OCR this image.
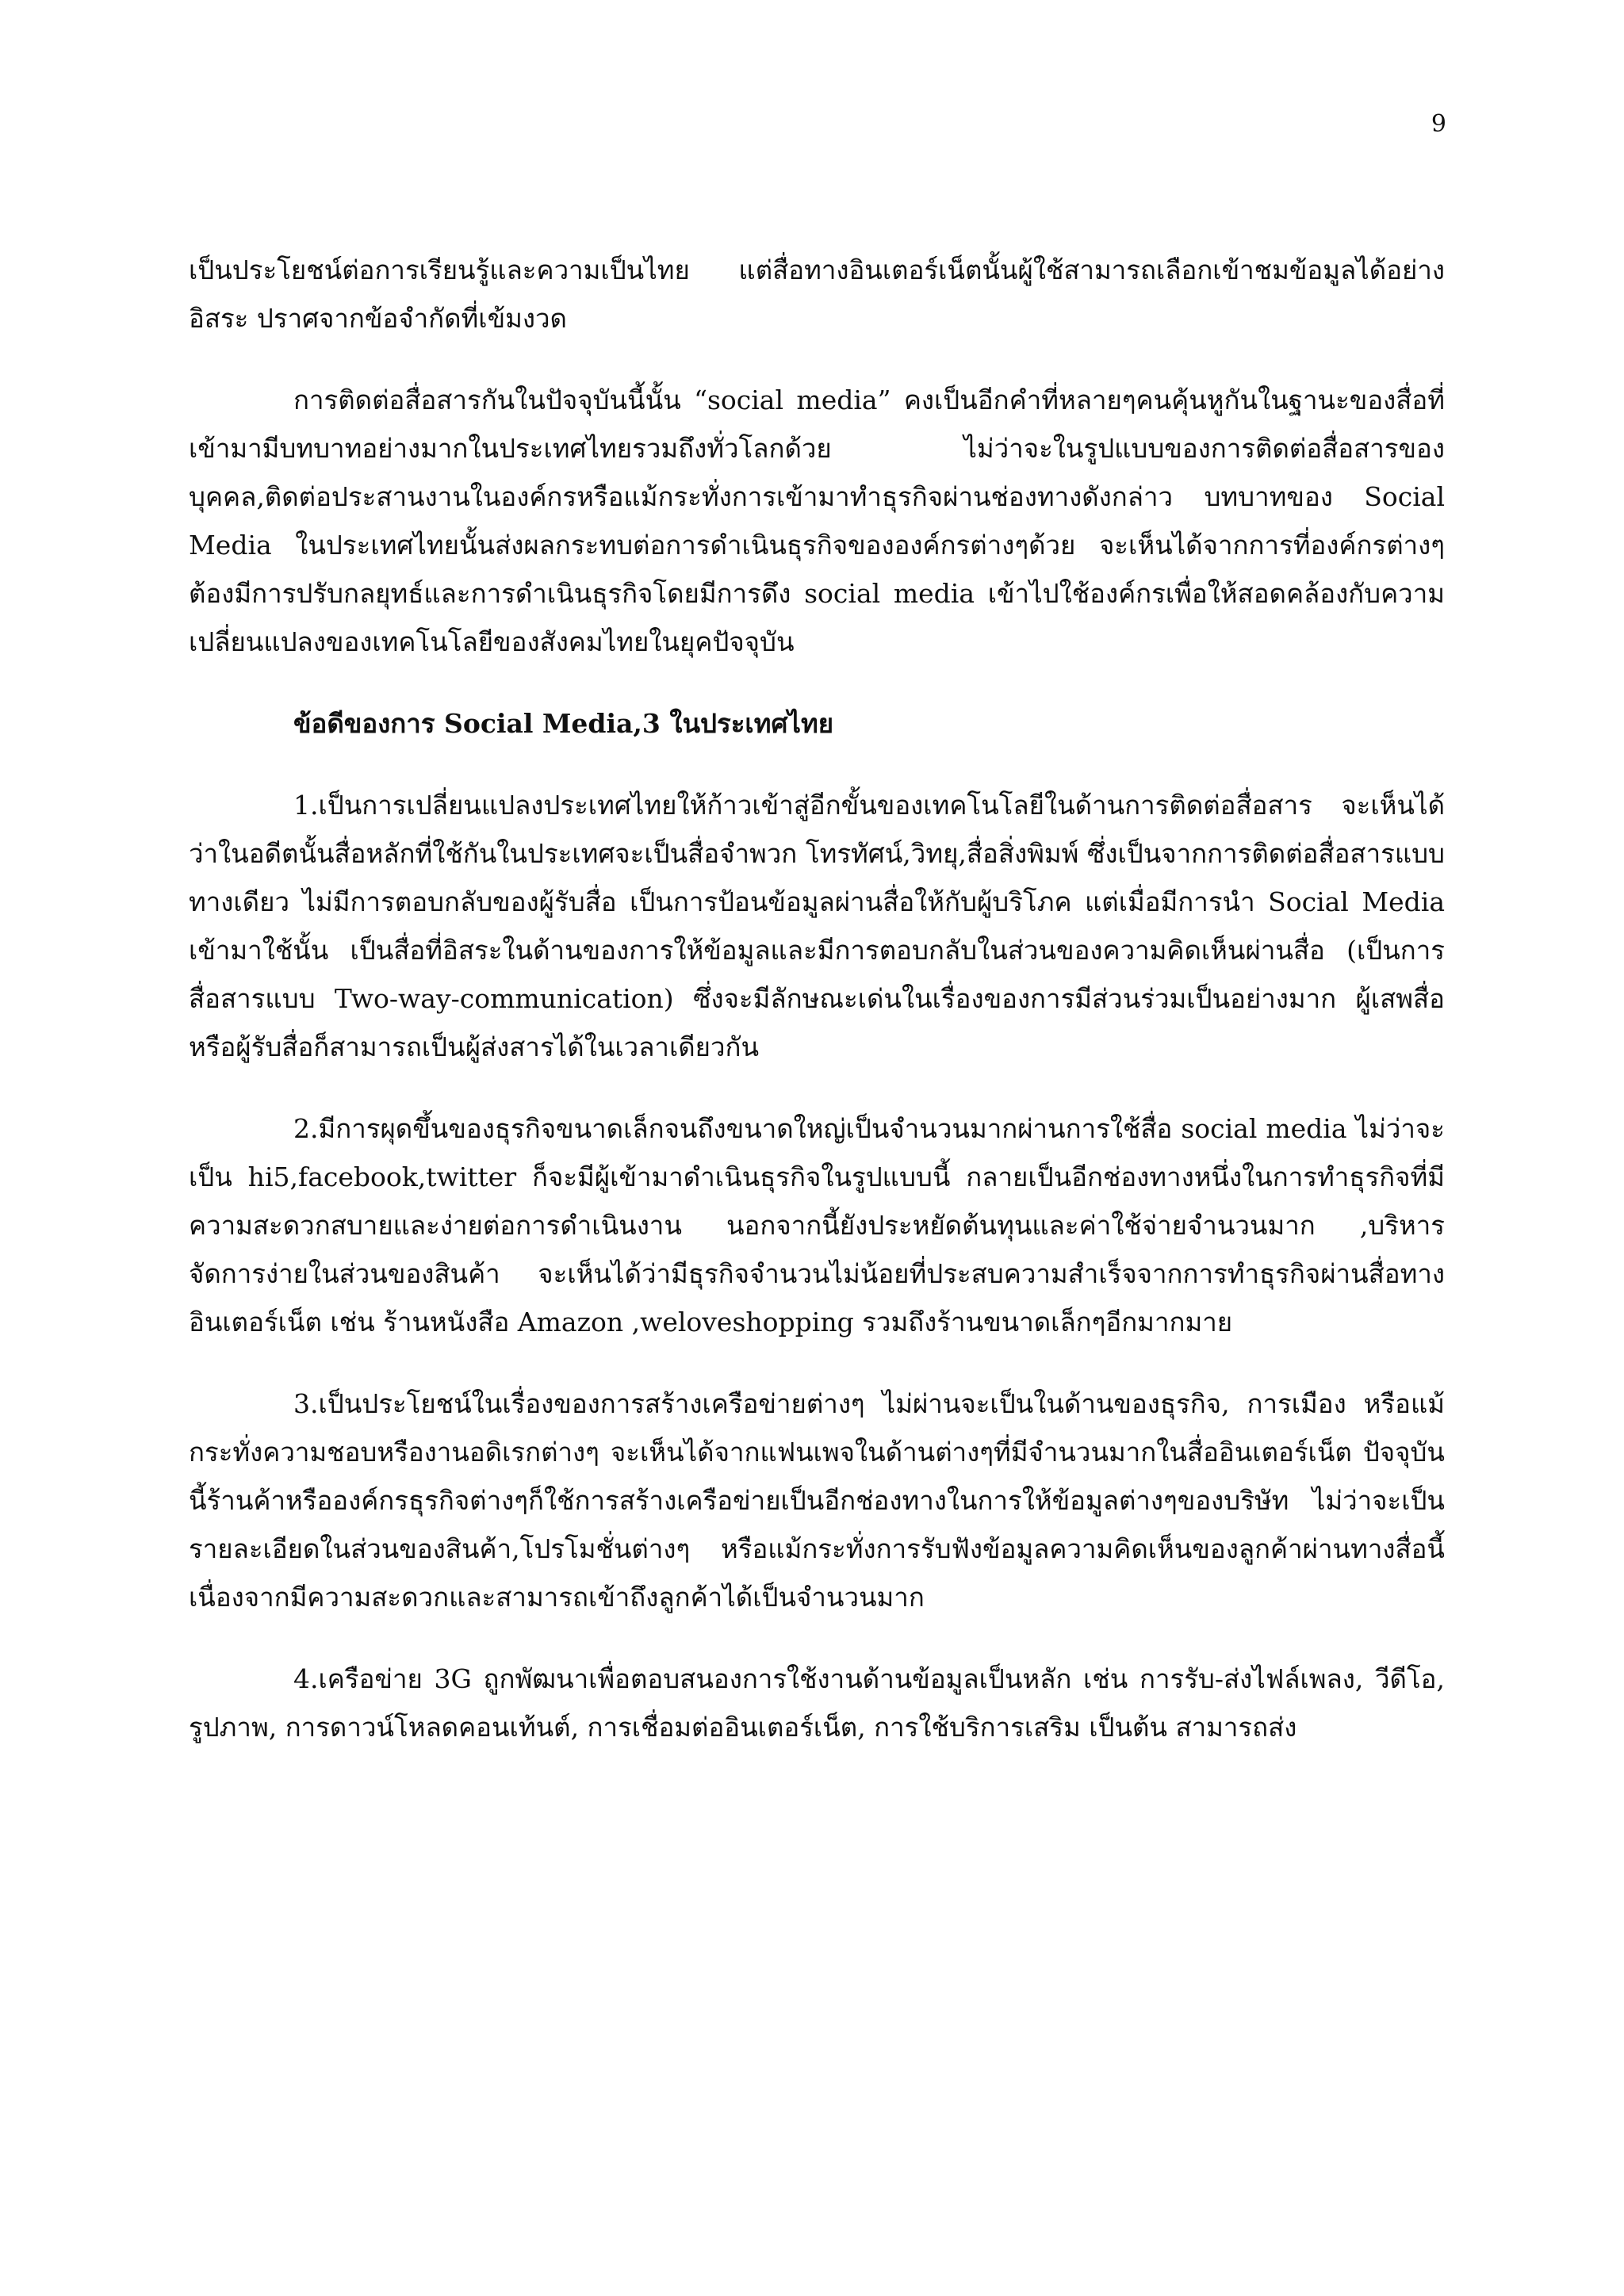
9

เป็นประโยชน์ต่อการเรียนรู้และความเป็นไทย แต่สื่อทางอินเตอร์เน็ตนั้นผู้ใช้สามารถเลือกเข้าชมข้อมูลได้อย่างอิสระ ปราศจากข้อจำกัดที่เข้มงวด

การติดต่อสื่อสารกันในปัจจุบันนี้นั้น “social media” คงเป็นอีกคำที่หลายๆคนคุ้นหูกันในฐานะของสื่อที่เข้ามามีบทบาทอย่างมากในประเทศไทยรวมถึงทั่วโลกด้วย ไม่ว่าจะในรูปแบบของการติดต่อสื่อสารของบุคคล,ติดต่อประสานงานในองค์กรหรือแม้กระทั่งการเข้ามาทำธุรกิจผ่านช่องทางดังกล่าว บทบาทของ Social Media ในประเทศไทยนั้นส่งผลกระทบต่อการดำเนินธุรกิจขององค์กรต่างๆด้วย จะเห็นได้จากการที่องค์กรต่างๆต้องมีการปรับกลยุทธ์และการดำเนินธุรกิจโดยมีการดึง social media เข้าไปใช้องค์กรเพื่อให้สอดคล้องกับความเปลี่ยนแปลงของเทคโนโลยีของสังคมไทยในยุคปัจจุบัน

ข้อดีของการ Social Media,3 ในประเทศไทย

1.เป็นการเปลี่ยนแปลงประเทศไทยให้ก้าวเข้าสู่อีกขั้นของเทคโนโลยีในด้านการติดต่อสื่อสาร จะเห็นได้ว่าในอดีตนั้นสื่อหลักที่ใช้กันในประเทศจะเป็นสื่อจำพวก โทรทัศน์,วิทยุ,สื่อสิ่งพิมพ์ ซึ่งเป็นจากการติดต่อสื่อสารแบบทางเดียว ไม่มีการตอบกลับของผู้รับสื่อ เป็นการป้อนข้อมูลผ่านสื่อให้กับผู้บริโภค แต่เมื่อมีการนำ Social Media เข้ามาใช้นั้น เป็นสื่อที่อิสระในด้านของการให้ข้อมูลและมีการตอบกลับในส่วนของความคิดเห็นผ่านสื่อ (เป็นการสื่อสารแบบ Two-way-communication) ซึ่งจะมีลักษณะเด่นในเรื่องของการมีส่วนร่วมเป็นอย่างมาก ผู้เสพสื่อหรือผู้รับสื่อก็สามารถเป็นผู้ส่งสารได้ในเวลาเดียวกัน

2.มีการผุดขึ้นของธุรกิจขนาดเล็กจนถึงขนาดใหญ่เป็นจำนวนมากผ่านการใช้สื่อ social media ไม่ว่าจะเป็น hi5,facebook,twitter ก็จะมีผู้เข้ามาดำเนินธุรกิจในรูปแบบนี้ กลายเป็นอีกช่องทางหนึ่งในการทำธุรกิจที่มีความสะดวกสบายและง่ายต่อการดำเนินงาน นอกจากนี้ยังประหยัดต้นทุนและค่าใช้จ่ายจำนวนมาก ,บริหารจัดการง่ายในส่วนของสินค้า จะเห็นได้ว่ามีธุรกิจจำนวนไม่น้อยที่ประสบความสำเร็จจากการทำธุรกิจผ่านสื่อทางอินเตอร์เน็ต เช่น ร้านหนังสือ Amazon ,weloveshopping รวมถึงร้านขนาดเล็กๆอีกมากมาย

3.เป็นประโยชน์ในเรื่องของการสร้างเครือข่ายต่างๆ ไม่ผ่านจะเป็นในด้านของธุรกิจ, การเมือง หรือแม้กระทั่งความชอบหรืองานอดิเรกต่างๆ จะเห็นได้จากแฟนเพจในด้านต่างๆที่มีจำนวนมากในสื่ออินเตอร์เน็ต ปัจจุบันนี้ร้านค้าหรือองค์กรธุรกิจต่างๆก็ใช้การสร้างเครือข่ายเป็นอีกช่องทางในการให้ข้อมูลต่างๆของบริษัท ไม่ว่าจะเป็นรายละเอียดในส่วนของสินค้า,โปรโมชั่นต่างๆ หรือแม้กระทั่งการรับฟังข้อมูลความคิดเห็นของลูกค้าผ่านทางสื่อนี้ เนื่องจากมีความสะดวกและสามารถเข้าถึงลูกค้าได้เป็นจำนวนมาก

4.เครือข่าย 3G ถูกพัฒนาเพื่อตอบสนองการใช้งานด้านข้อมูลเป็นหลัก เช่น การรับ-ส่งไฟล์เพลง, วีดีโอ, รูปภาพ, การดาวน์โหลดคอนเท้นต์, การเชื่อมต่ออินเตอร์เน็ต, การใช้บริการเสริม เป็นต้น สามารถส่ง
